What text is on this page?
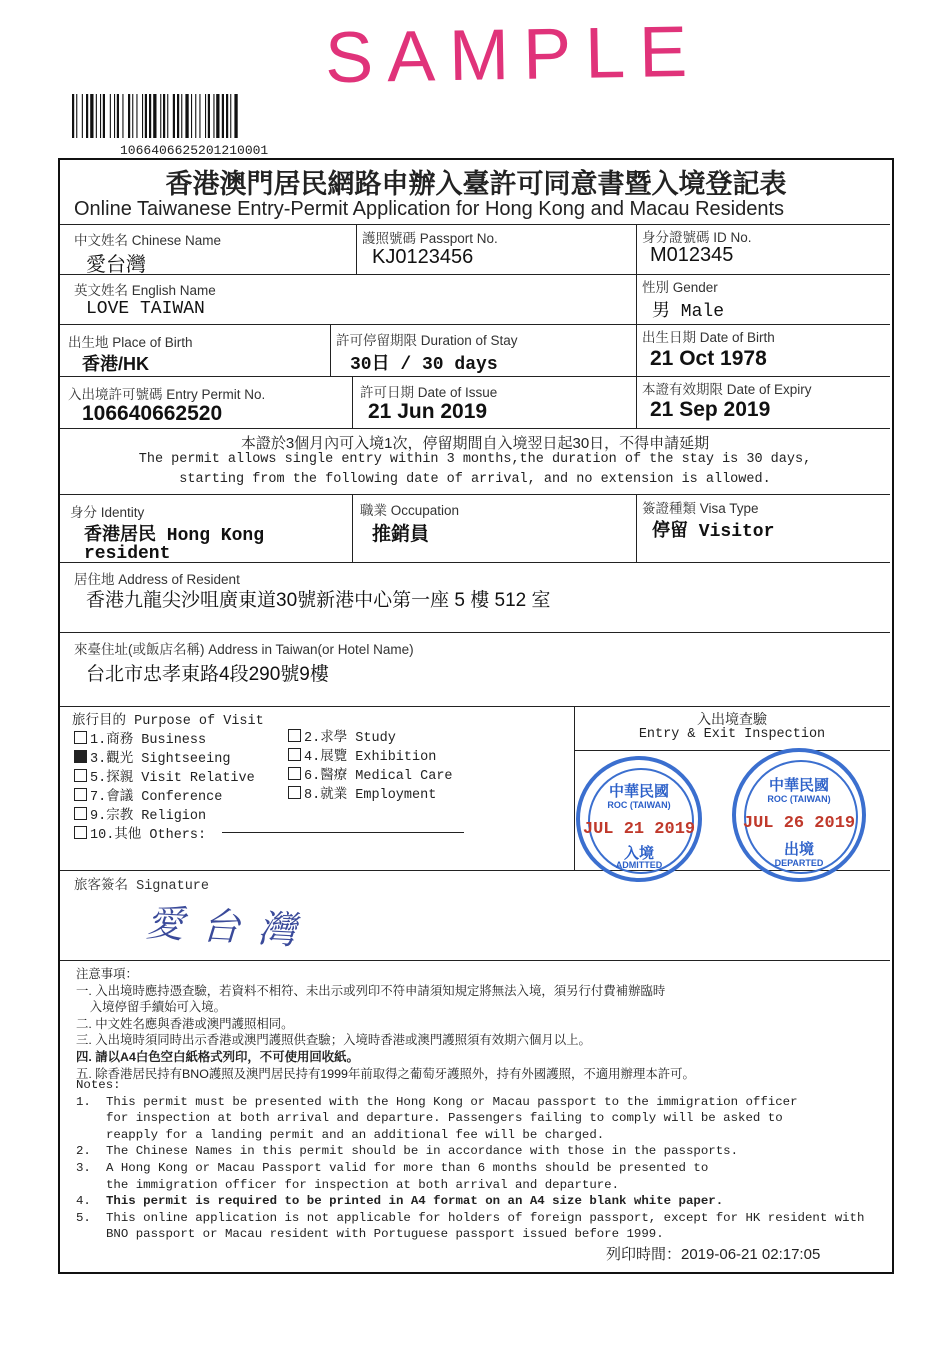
SAMPLE
10664066252012100​01
香港澳門居民網路申辦入臺許可同意書暨入境登記表
Online Taiwanese Entry-Permit Application for Hong Kong and Macau Residents
中文姓名 Chinese Name
愛台灣
護照號碼 Passport No.
KJ0123456
身分證號碼 ID No.
M012345
英文姓名 English Name
LOVE TAIWAN
性別 Gender
男 Male
出生地 Place of Birth
香港/HK
許可停留期限 Duration of Stay
30日 / 30 days
出生日期 Date of Birth
21 Oct 1978
入出境許可號碼 Entry Permit No.
106640662520
許可日期 Date of Issue
21 Jun 2019
本證有效期限 Date of Expiry
21 Sep 2019
本證於3個月內可入境1次，停留期間自入境翌日起30日，不得申請延期
The permit allows single entry within 3 months,the duration of the stay is 30 days,
starting from the following date of arrival, and no extension is allowed.
身分 Identity
香港居民 Hong Kong
resident
職業 Occupation
推銷員
簽證種類 Visa Type
停留 Visitor
居住地 Address of Resident
香港九龍尖沙咀廣東道30號新港中心第一座 5 樓 512 室
來臺住址(或飯店名稱) Address in Taiwan(or Hotel Name)
台北市忠孝東路4段290號9樓
旅行目的 Purpose of Visit
1.商務 Business
3.觀光 Sightseeing
5.探親 Visit Relative
7.會議 Conference
9.宗教 Religion
10.其他 Others:
2.求學 Study
4.展覽 Exhibition
6.醫療 Medical Care
8.就業 Employment
入出境查驗
Entry & Exit Inspection
中華民國
ROC (TAIWAN)
JUL 21 2019
入境
ADMITTED
中華民國
ROC (TAIWAN)
JUL 26 2019
出境
DEPARTED
旅客簽名 Signature
愛台灣
注意事項：
一. 入出境時應持憑查驗，若資料不相符、未出示或列印不符申請須知規定將無法入境，須另行付費補辦臨時
入境停留手續始可入境。
二. 中文姓名應與香港或澳門護照相同。
三. 入出境時須同時出示香港或澳門護照供查驗；入境時香港或澳門護照須有效期六個月以上。
四. 請以A4白色空白紙格式列印，不可使用回收紙。
五. 除香港居民持有BNO護照及澳門居民持有1999年前取得之葡萄牙護照外，持有外國護照，不適用辦理本許可。
Notes:
1.	This permit must be presented with the Hong Kong or Macau passport to the immigration officer
for inspection at both arrival and departure. Passengers failing to comply will be asked to
reapply for a landing permit and an additional fee will be charged.
2.	The Chinese Names in this permit should be in accordance with those in the passports.
3.	A Hong Kong or Macau Passport valid for more than 6 months should be presented to
the immigration officer for inspection at both arrival and departure.
4.	This permit is required to be printed in A4 format on an A4 size blank white paper.
5.	This online application is not applicable for holders of foreign passport, except for HK resident with
BNO passport or Macau resident with Portuguese passport issued before 1999.
列印時間：2019-06-21 02:17:05
